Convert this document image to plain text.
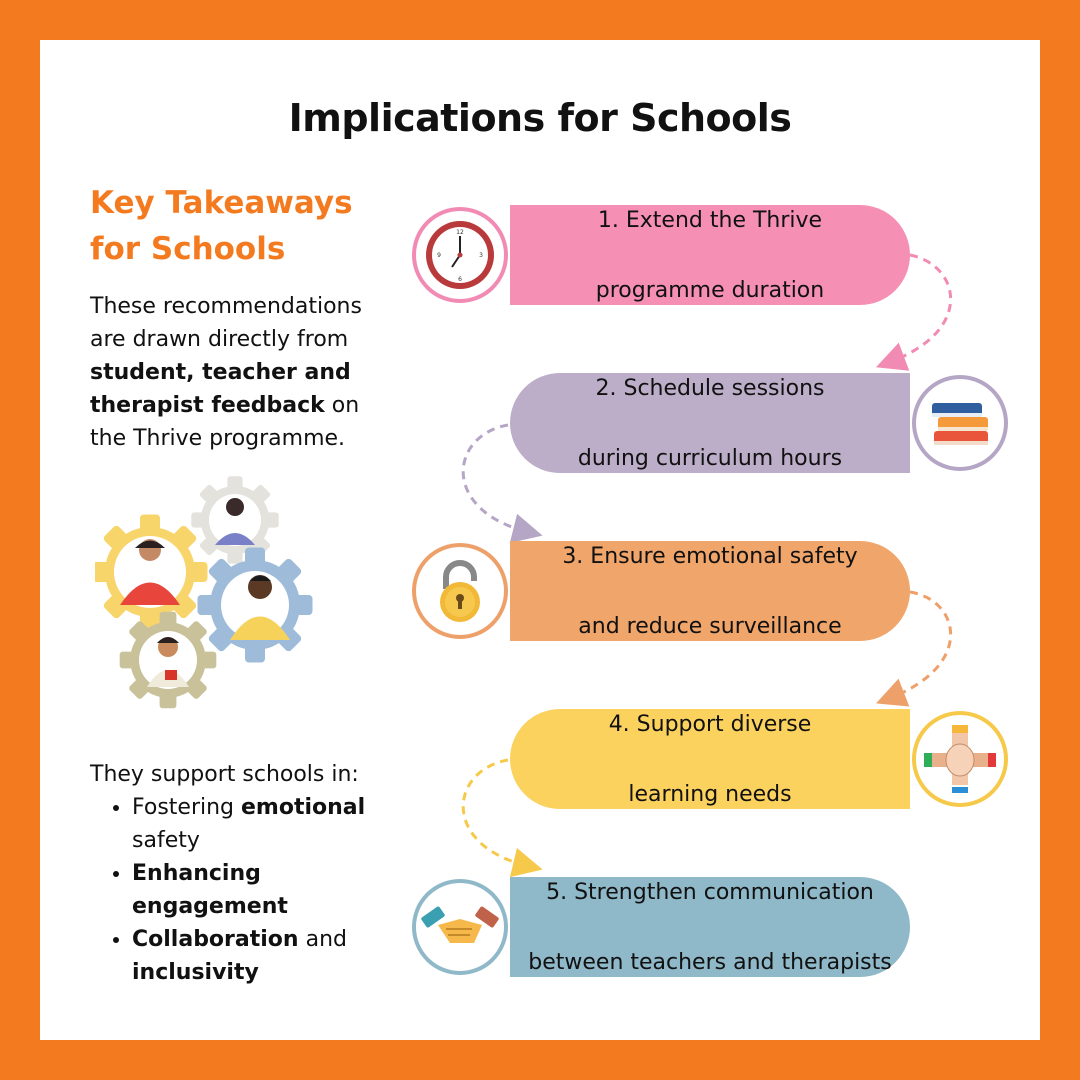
Implications for Schools
Key Takeaways
for Schools
These recommendations are drawn directly from student, teacher and therapist feedback on the Thrive programme.
They support schools in:
• Fostering emotional
safety
• Enhancing engagement
• Collaboration and
inclusivity
1. Extend the Thrive

programme duration
2. Schedule sessions

during curriculum hours
3. Ensure emotional safety

and reduce surveillance
4. Support diverse

learning needs
5. Strengthen communication

between teachers and therapists
12
3
6
9
